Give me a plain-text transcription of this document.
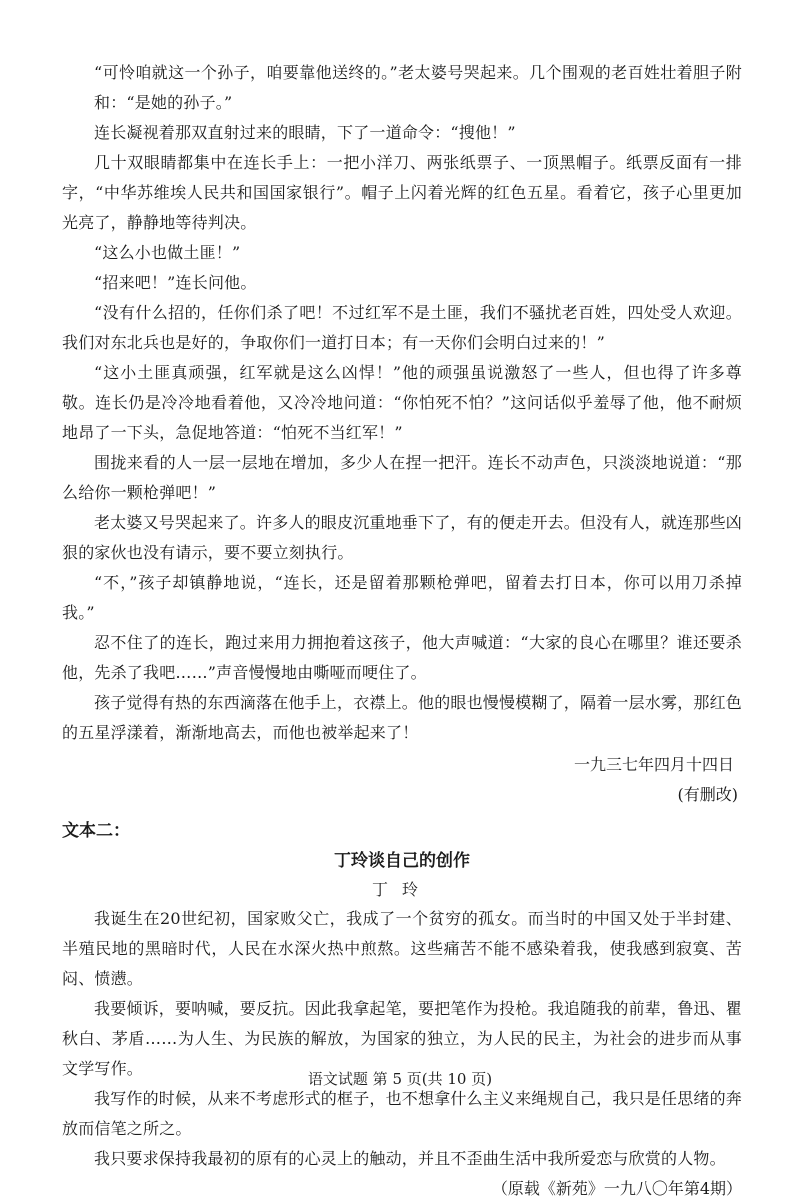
“可怜咱就这一个孙子，咱要靠他送终的。”老太婆号哭起来。几个围观的老百姓壮着胆子附和：“是她的孙子。”

连长凝视着那双直射过来的眼睛，下了一道命令：“搜他！”

几十双眼睛都集中在连长手上：一把小洋刀、两张纸票子、一顶黑帽子。纸票反面有一排字，“中华苏维埃人民共和国国家银行”。帽子上闪着光辉的红色五星。看着它，孩子心里更加光亮了，静静地等待判决。

“这么小也做土匪！”

“招来吧！”连长问他。

“没有什么招的，任你们杀了吧！不过红军不是土匪，我们不骚扰老百姓，四处受人欢迎。我们对东北兵也是好的，争取你们一道打日本；有一天你们会明白过来的！”

“这小土匪真顽强，红军就是这么凶悍！”他的顽强虽说激怒了一些人，但也得了许多尊敬。连长仍是冷冷地看着他，又冷冷地问道：“你怕死不怕？”这问话似乎羞辱了他，他不耐烦地昂了一下头，急促地答道：“怕死不当红军！”

围拢来看的人一层一层地在增加，多少人在捏一把汗。连长不动声色，只淡淡地说道：“那么给你一颗枪弹吧！”

老太婆又号哭起来了。许多人的眼皮沉重地垂下了，有的便走开去。但没有人，就连那些凶狠的家伙也没有请示，要不要立刻执行。

“不，”孩子却镇静地说，“连长，还是留着那颗枪弹吧，留着去打日本，你可以用刀杀掉我。”

忍不住了的连长，跑过来用力拥抱着这孩子，他大声喊道：“大家的良心在哪里？谁还要杀他，先杀了我吧……”声音慢慢地由嘶哑而哽住了。

孩子觉得有热的东西滴落在他手上，衣襟上。他的眼也慢慢模糊了，隔着一层水雾，那红色的五星浮漾着，渐渐地高去，而他也被举起来了！

一九三七年四月十四日

(有删改)

文本二：

丁玲谈自己的创作

丁玲

我诞生在20世纪初，国家败父亡，我成了一个贫穷的孤女。而当时的中国又处于半封建、半殖民地的黑暗时代，人民在水深火热中煎熬。这些痛苦不能不感染着我，使我感到寂寞、苦闷、愤懑。

我要倾诉，要呐喊，要反抗。因此我拿起笔，要把笔作为投枪。我追随我的前辈，鲁迅、瞿秋白、茅盾……为人生、为民族的解放，为国家的独立，为人民的民主，为社会的进步而从事文学写作。

我写作的时候，从来不考虑形式的框子，也不想拿什么主义来绳规自己，我只是任思绪的奔放而信笔之所之。

我只要求保持我最初的原有的心灵上的触动，并且不歪曲生活中我所爱恋与欣赏的人物。

（原载《新苑》一九八〇年第4期）

语文试题 第 5 页(共 10 页)
